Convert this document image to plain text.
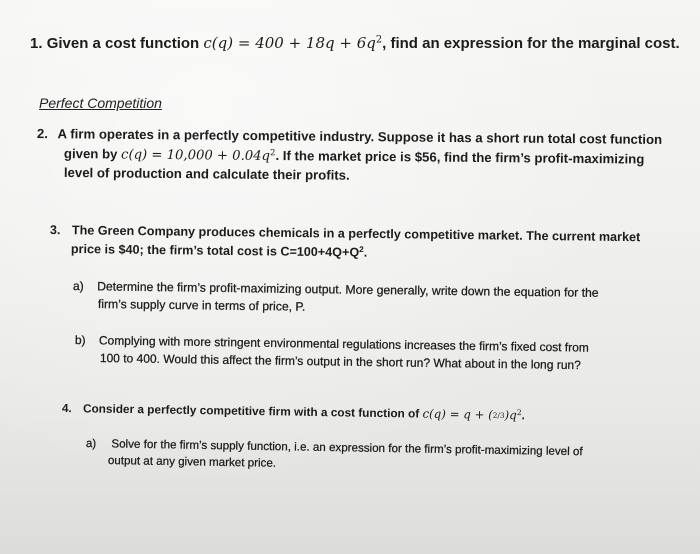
1. Given a cost function $c(q) = 400 + 18q + 6q^2$, find an expression for the marginal cost.
Perfect Competition
2. A firm operates in a perfectly competitive industry. Suppose it has a short run total cost function
given by $c(q) = 10,000 + 0.04q^2$. If the market price is $56, find the firm’s profit-maximizing
level of production and calculate their profits.
3. The Green Company produces chemicals in a perfectly competitive market. The current market
price is $40; the firm’s total cost is $C=100+4Q+Q^2$.
a) Determine the firm’s profit-maximizing output. More generally, write down the equation for the
firm’s supply curve in terms of price, P.
b) Complying with more stringent environmental regulations increases the firm’s fixed cost from
100 to 400. Would this affect the firm’s output in the short run? What about in the long run?
4. Consider a perfectly competitive firm with a cost function of $c(q) = q + (2/3)q^2$.
a) Solve for the firm’s supply function, i.e. an expression for the firm’s profit-maximizing level of
output at any given market price.
